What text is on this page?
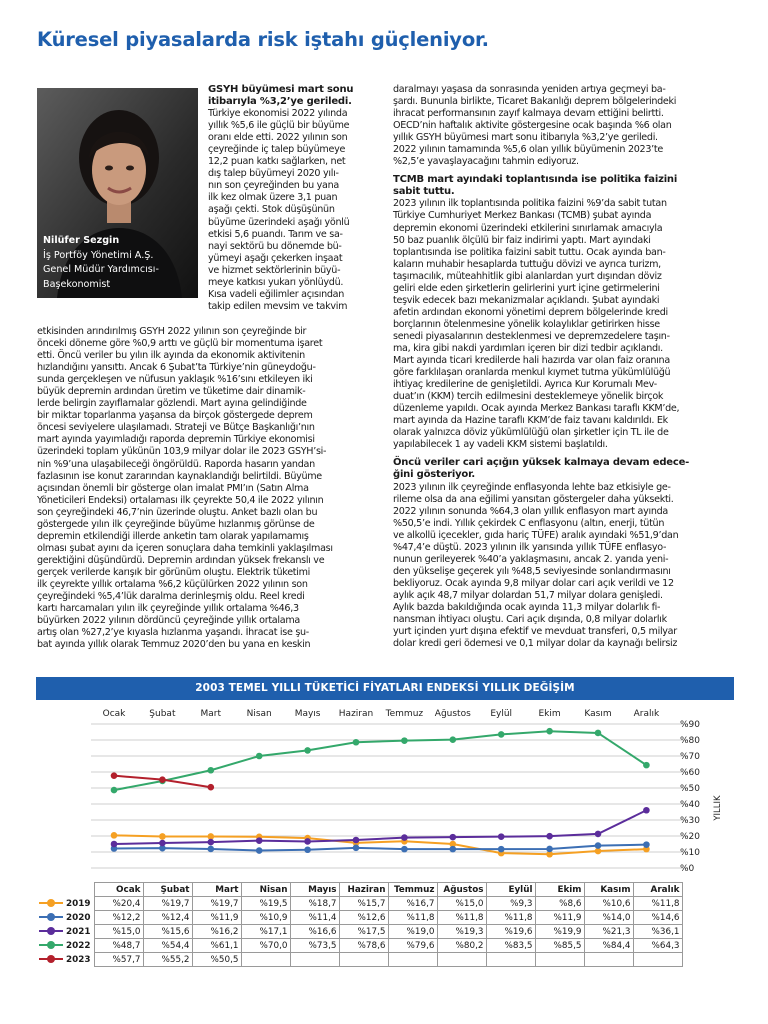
Küresel piyasalarda risk iştahı güçleniyor.
Nilüfer Sezgin
İş Portföy Yönetimi A.Ş.
Genel Müdür Yardımcısı-
Başekonomist
GSYH büyümesi mart sonu
itibarıyla %3,2’ye geriledi.
Türkiye ekonomisi 2022 yılında
yıllık %5,6 ile güçlü bir büyüme
oranı elde etti. 2022 yılının son
çeyreğinde iç talep büyümeye
12,2 puan katkı sağlarken, net
dış talep büyümeyi 2020 yılı-
nın son çeyreğinden bu yana
ilk kez olmak üzere 3,1 puan
aşağı çekti. Stok düşüşünün
büyüme üzerindeki aşağı yönlü
etkisi 5,6 puandı. Tarım ve sa-
nayi sektörü bu dönemde bü-
yümeyi aşağı çekerken inşaat
ve hizmet sektörlerinin büyü-
meye katkısı yukarı yönlüydü.
Kısa vadeli eğilimler açısından
takip edilen mevsim ve takvim
etkisinden arındırılmış GSYH 2022 yılının son çeyreğinde bir
önceki döneme göre %0,9 arttı ve güçlü bir momentuma işaret
etti. Öncü veriler bu yılın ilk ayında da ekonomik aktivitenin
hızlandığını yansıttı. Ancak 6 Şubat’ta Türkiye’nin güneydoğu-
sunda gerçekleşen ve nüfusun yaklaşık %16’sını etkileyen iki
büyük depremin ardından üretim ve tüketime dair dinamik-
lerde belirgin zayıflamalar gözlendi. Mart ayına gelindiğinde
bir miktar toparlanma yaşansa da birçok göstergede deprem
öncesi seviyelere ulaşılamadı. Strateji ve Bütçe Başkanlığı’nın
mart ayında yayımladığı raporda depremin Türkiye ekonomisi
üzerindeki toplam yükünün 103,9 milyar dolar ile 2023 GSYH’si-
nin %9’una ulaşabileceği öngörüldü. Raporda hasarın yandan
fazlasının ise konut zararından kaynaklandığı belirtildi. Büyüme
açısından önemli bir gösterge olan imalat PMI’ın (Satın Alma
Yöneticileri Endeksi) ortalaması ilk çeyrekte 50,4 ile 2022 yılının
son çeyreğindeki 46,7’nin üzerinde oluştu. Anket bazlı olan bu
göstergede yılın ilk çeyreğinde büyüme hızlanmış görünse de
depremin etkilendiği illerde anketin tam olarak yapılamamış
olması şubat ayını da içeren sonuçlara daha temkinli yaklaşılması
gerektiğini düşündürdü. Depremin ardından yüksek frekanslı ve
gerçek verilerde karışık bir görünüm oluştu. Elektrik tüketimi
ilk çeyrekte yıllık ortalama %6,2 küçülürken 2022 yılının son
çeyreğindeki %5,4’lük daralma derinleşmiş oldu. Reel kredi
kartı harcamaları yılın ilk çeyreğinde yıllık ortalama %46,3
büyürken 2022 yılının dördüncü çeyreğinde yıllık ortalama
artış olan %27,2’ye kıyasla hızlanma yaşandı. İhracat ise şu-
bat ayında yıllık olarak Temmuz 2020’den bu yana en keskin
daralmayı yaşasa da sonrasında yeniden artıya geçmeyi ba-
şardı. Bununla birlikte, Ticaret Bakanlığı deprem bölgelerindeki
ihracat performansının zayıf kalmaya devam ettiğini belirtti.
OECD’nin haftalık aktivite göstergesine ocak başında %6 olan
yıllık GSYH büyümesi mart sonu itibarıyla %3,2’ye geriledi.
2022 yılının tamamında %5,6 olan yıllık büyümenin 2023’te
%2,5’e yavaşlayacağını tahmin ediyoruz.
TCMB mart ayındaki toplantısında ise politika faizini
sabit tuttu.
2023 yılının ilk toplantısında politika faizini %9’da sabit tutan
Türkiye Cumhuriyet Merkez Bankası (TCMB) şubat ayında
depremin ekonomi üzerindeki etkilerini sınırlamak amacıyla
50 baz puanlık ölçülü bir faiz indirimi yaptı. Mart ayındaki
toplantısında ise politika faizini sabit tuttu. Ocak ayında ban-
kaların muhabir hesaplarda tuttuğu dövizi ve ayrıca turizm,
taşımacılık, müteahhitlik gibi alanlardan yurt dışından döviz
geliri elde eden şirketlerin gelirlerini yurt içine getirmelerini
teşvik edecek bazı mekanizmalar açıklandı. Şubat ayındaki
afetin ardından ekonomi yönetimi deprem bölgelerinde kredi
borçlarının ötelenmesine yönelik kolaylıklar getirirken hisse
senedi piyasalarının desteklenmesi ve depremzedelere taşın-
ma, kira gibi nakdi yardımları içeren bir dizi tedbir açıklandı.
Mart ayında ticari kredilerde hali hazırda var olan faiz oranına
göre farklılaşan oranlarda menkul kıymet tutma yükümlülüğü
ihtiyaç kredilerine de genişletildi. Ayrıca Kur Korumalı Mev-
duat’ın (KKM) tercih edilmesini desteklemeye yönelik birçok
düzenleme yapıldı. Ocak ayında Merkez Bankası taraflı KKM’de,
mart ayında da Hazine taraflı KKM’de faiz tavanı kaldırıldı. Ek
olarak yalnızca döviz yükümlülüğü olan şirketler için TL ile de
yapılabilecek 1 ay vadeli KKM sistemi başlatıldı.
Öncü veriler cari açığın yüksek kalmaya devam edece-
ğini gösteriyor.
2023 yılının ilk çeyreğinde enflasyonda lehte baz etkisiyle ge-
rileme olsa da ana eğilimi yansıtan göstergeler daha yüksekti.
2022 yılının sonunda %64,3 olan yıllık enflasyon mart ayında
%50,5’e indi. Yıllık çekirdek C enflasyonu (altın, enerji, tütün
ve alkollü içecekler, gıda hariç TÜFE) aralık ayındaki %51,9’dan
%47,4’e düştü. 2023 yılının ilk yarısında yıllık TÜFE enflasyo-
nunun gerileyerek %40’a yaklaşmasını, ancak 2. yarıda yeni-
den yükselişe geçerek yılı %48,5 seviyesinde sonlandırmasını
bekliyoruz. Ocak ayında 9,8 milyar dolar cari açık verildi ve 12
aylık açık 48,7 milyar dolardan 51,7 milyar dolara genişledi.
Aylık bazda bakıldığında ocak ayında 11,3 milyar dolarlık fi-
nansman ihtiyacı oluştu. Cari açık dışında, 0,8 milyar dolarlık
yurt içinden yurt dışına efektif ve mevduat transferi, 0,5 milyar
dolar kredi geri ödemesi ve 0,1 milyar dolar da kaynağı belirsiz
2003 TEMEL YILLI TÜKETİCİ FİYATLARI ENDEKSİ YILLIK DEĞİŞİM
%0
%10
%20
%30
%40
%50
%60
%70
%80
%90
Ocak	Şubat	Mart	Nisan	Mayıs Haziran Temmuz Ağustos Eylül	Ekim	Kasım Aralık
YILLIK
	Ocak	Şubat	Mart	Nisan	Mayıs	Haziran	Temmuz	Ağustos	Eylül	Ekim	Kasım	Aralık

2019	%20,4	%19,7	%19,7	%19,5	%18,7	%15,7	%16,7	%15,0	%9,3	%8,6	%10,6	%11,8

2020	%12,2	%12,4	%11,9	%10,9	%11,4	%12,6	%11,8	%11,8	%11,8	%11,9	%14,0	%14,6

2021	%15,0	%15,6	%16,2	%17,1	%16,6	%17,5	%19,0	%19,3	%19,6	%19,9	%21,3	%36,1

2022	%48,7	%54,4	%61,1	%70,0	%73,5	%78,6	%79,6	%80,2	%83,5	%85,5	%84,4	%64,3

2023	%57,7	%55,2	%50,5									
